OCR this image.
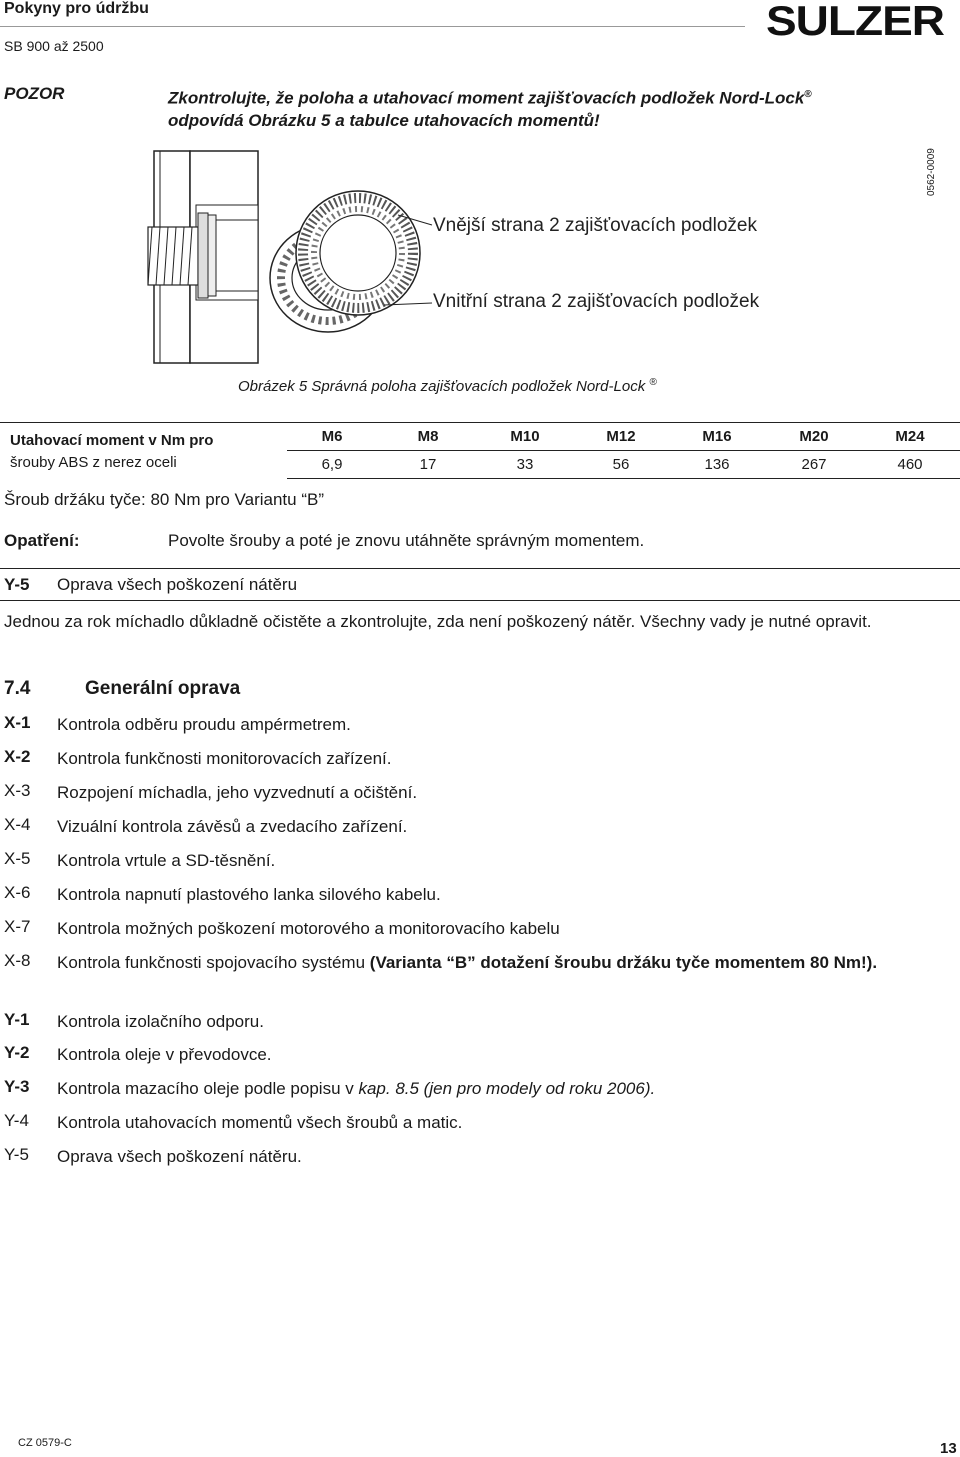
Pokyny pro údržbu
SB 900 až 2500
SULZER
POZOR	Zkontrolujte, že poloha a utahovací moment zajišťovacích podložek Nord-Lock®
odpovídá Obrázku 5 a tabulce utahovacích momentů!
0562-0009
Vnější strana 2 zajišťovacích podložek
Vnitřní strana 2 zajišťovacích podložek
Obrázek 5 Správná poloha zajišťovacích podložek Nord-Lock ®
Utahovací moment v Nm pro
šrouby ABS z nerez oceli
M6	M8	M10	M12	M16	M20	M24
6,9	17	33	56	136	267	460
Šroub držáku tyče: 80 Nm pro Variantu “B”
Opatření:	Povolte šrouby a poté je znovu utáhněte správným momentem.
Y-5 Oprava všech poškození nátěru
Jednou za rok míchadlo důkladně očistěte a zkontrolujte, zda není poškozený nátěr. Všechny vady je nutné opravit.
7.4	Generální oprava
X-1	Kontrola odběru proudu ampérmetrem.
X-2	Kontrola funkčnosti monitorovacích zařízení.
X-3	Rozpojení míchadla, jeho vyzvednutí a očištění.
X-4	Vizuální kontrola závěsů a zvedacího zařízení.
X-5	Kontrola vrtule a SD-těsnění.
X-6	Kontrola napnutí plastového lanka silového kabelu.
X-7	Kontrola možných poškození motorového a monitorovacího kabelu
X-8	Kontrola funkčnosti spojovacího systému (Varianta “B” dotažení šroubu držáku tyče momentem 80 Nm!).
Y-1	Kontrola izolačního odporu.
Y-2	Kontrola oleje v převodovce.
Y-3	Kontrola mazacího oleje podle popisu v kap. 8.5 (jen pro modely od roku 2006).
Y-4	Kontrola utahovacích momentů všech šroubů a matic.
Y-5	Oprava všech poškození nátěru.
CZ 0579-C	13
